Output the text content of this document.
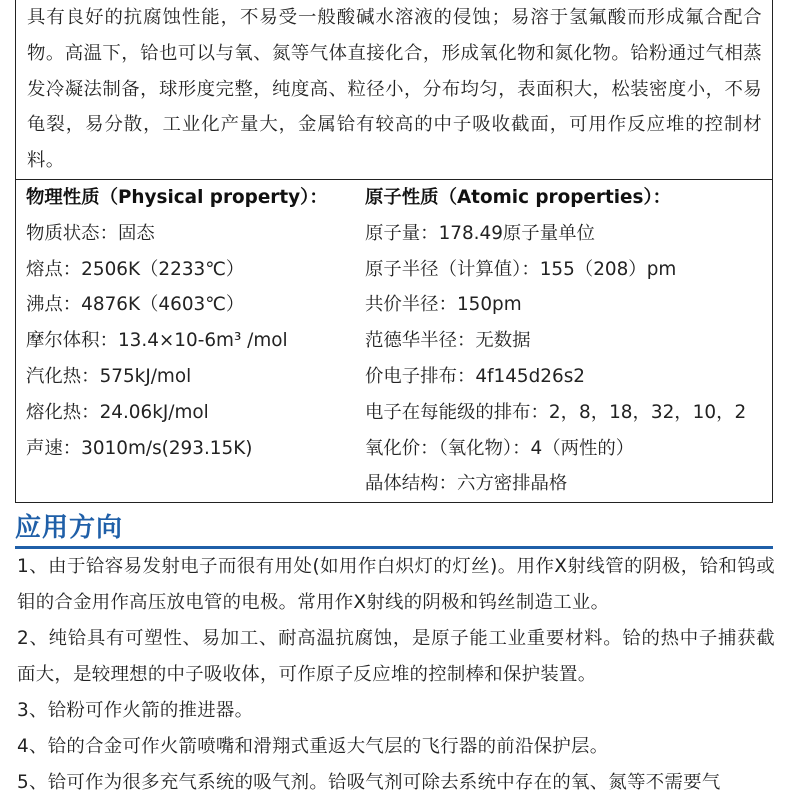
具有良好的抗腐蚀性能，不易受一般酸碱水溶液的侵蚀；易溶于氢氟酸而形成氟合配合物。高温下，铪也可以与氧、氮等气体直接化合，形成氧化物和氮化物。铪粉通过气相蒸发冷凝法制备，球形度完整，纯度高、粒径小，分布均匀，表面积大，松装密度小，不易龟裂，易分散，工业化产量大，金属铪有较高的中子吸收截面，可用作反应堆的控制材料。

物理性质（Physical property）：
物质状态：固态
熔点：2506K（2233℃）
沸点：4876K（4603℃）
摩尔体积：13.4×10-6m³ /mol
汽化热：575kJ/mol
熔化热：24.06kJ/mol
声速：3010m/s(293.15K)
原子性质（Atomic properties）：
原子量：178.49原子量单位
原子半径（计算值）：155（208）pm
共价半径：150pm
范德华半径：无数据
价电子排布：4f145d26s2
电子在每能级的排布：2，8，18，32，10，2
氧化价：（氧化物）：4（两性的）
晶体结构：六方密排晶格
应用方向

1、由于铪容易发射电子而很有用处(如用作白炽灯的灯丝)。用作X射线管的阴极，铪和钨或钼的合金用作高压放电管的电极。常用作X射线的阴极和钨丝制造工业。

2、纯铪具有可塑性、易加工、耐高温抗腐蚀，是原子能工业重要材料。铪的热中子捕获截面大，是较理想的中子吸收体，可作原子反应堆的控制棒和保护装置。

3、铪粉可作火箭的推进器。

4、铪的合金可作火箭喷嘴和滑翔式重返大气层的飞行器的前沿保护层。

5、铪可作为很多充气系统的吸气剂。铪吸气剂可除去系统中存在的氧、氮等不需要气
